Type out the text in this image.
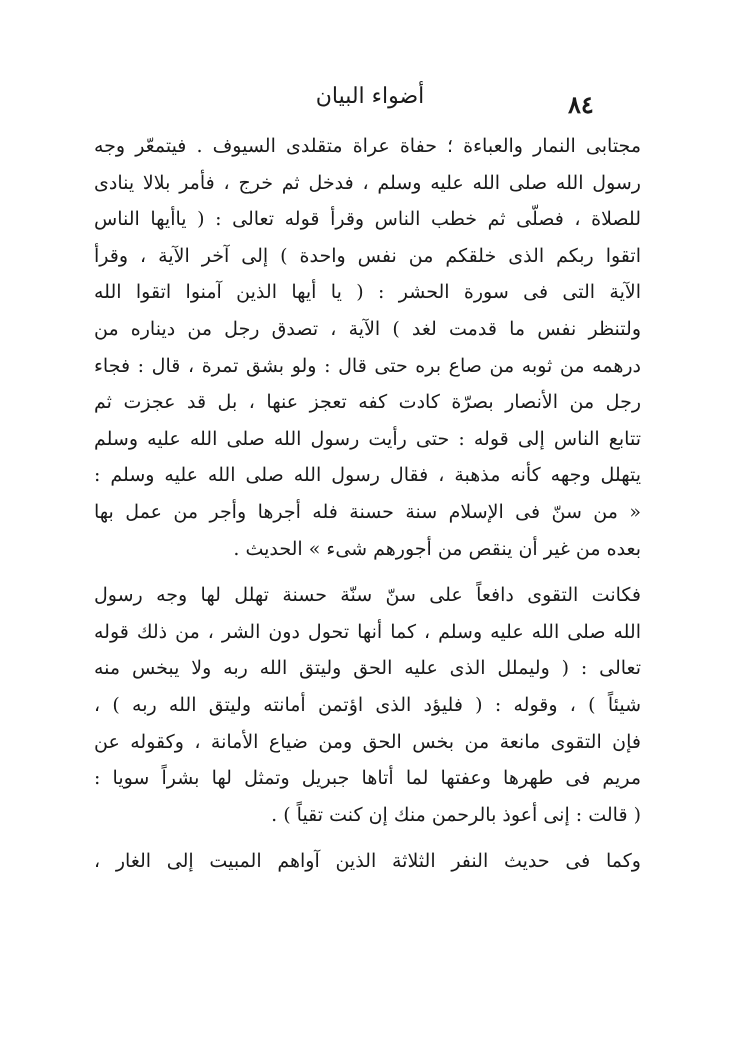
أضواء البيان	٨٤
مجتابى النمار والعباءة ؛ حفاة عراة متقلدى السيوف . فيتمعّر وجه
رسول الله صلى الله عليه وسلم ، فدخل ثم خرج ، فأمر بلالا ينادى
للصلاة ، فصلّى ثم خطب الناس وقرأ قوله تعالى : ( ياأيها الناس
اتقوا ربكم الذى خلقكم من نفس واحدة ) إلى آخر الآية ، وقرأ
الآية التى فى سورة الحشر : ( يا أيها الذين آمنوا اتقوا الله
ولتنظر نفس ما قدمت لغد ) الآية ، تصدق رجل من ديناره من
درهمه من ثوبه من صاع بره حتى قال : ولو بشق تمرة ، قال : فجاء
رجل من الأنصار بصرّة كادت كفه تعجز عنها ، بل قد عجزت ثم
تتابع الناس إلى قوله : حتى رأيت رسول الله صلى الله عليه وسلم
يتهلل وجهه كأنه مذهبة ، فقال رسول الله صلى الله عليه وسلم :
« من سنّ فى الإسلام سنة حسنة فله أجرها وأجر من عمل بها
بعده من غير أن ينقص من أجورهم شىء » الحديث .
فكانت التقوى دافعاً على سنّ سنّة حسنة تهلل لها وجه رسول
الله صلى الله عليه وسلم ، كما أنها تحول دون الشر ، من ذلك قوله
تعالى : ( وليملل الذى عليه الحق وليتق الله ربه ولا يبخس منه
شيئاً ) ، وقوله : ( فليؤد الذى اؤتمن أمانته وليتق الله ربه ) ،
فإن التقوى مانعة من بخس الحق ومن ضياع الأمانة ، وكقوله عن
مريم فى طهرها وعفتها لما أتاها جبريل وتمثل لها بشراً سويا :
( قالت : إنى أعوذ بالرحمن منك إن كنت تقياً ) .
وكما فى حديث النفر الثلاثة الذين آواهم المبيت إلى الغار ،
